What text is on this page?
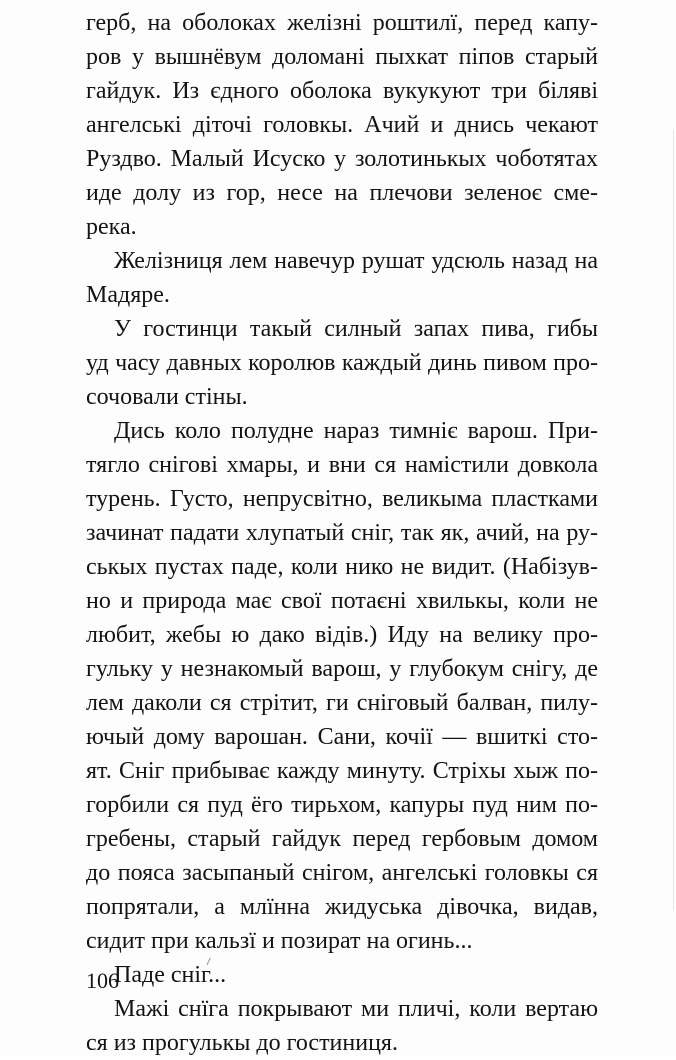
герб, на оболоках желізні роштилї, перед капу-
ров у вышнёвум доломані пыхкат піпов старый
гайдук. Из єдного оболока вукукуют три біляві
ангелські діточі головкы. Ачий и днись чекают
Руздво. Малый Исуско у золотинькых чоботятах
иде долу из гор, несе на плечови зеленоє сме-
река.
Желізниця лем навечур рушат удсюль назад на
Мадяре.
У гостинци такый силный запах пива, гибы
уд часу давных королюв каждый динь пивом про-
сочовали стіны.
Дись коло полудне нараз тимніє варош. При-
тягло снігові хмары, и вни ся намістили довкола
турень. Густо, непрусвітно, великыма пластками
зачинат падати хлупатый сніг, так як, ачий, на ру-
ськых пустах паде, коли нико не видит. (Набізув-
но и природа має свої потаєні хвилькы, коли не
любит, жебы ю дако відів.) Иду на велику про-
гульку у незнакомый варош, у глубокум снігу, де
лем даколи ся стрітит, ги сніговый балван, пилу-
ючый дому варошан. Сани, кочії — вшиткі сто-
ят. Сніг прибыває кажду минуту. Стріхы хыж по-
горбили ся пуд ёго тирьхом, капуры пуд ним по-
гребены, старый гайдук перед гербовым домом
до пояса засыпаный снігом, ангелські головкы ся
попрятали, а млїнна жидуська дівочка, видав,
сидит при кальзї и позират на огинь...
Паде сніг...
Мажі снїга покрывают ми пличі, коли вертаю
ся из прогулькы до гостиниця.
106
